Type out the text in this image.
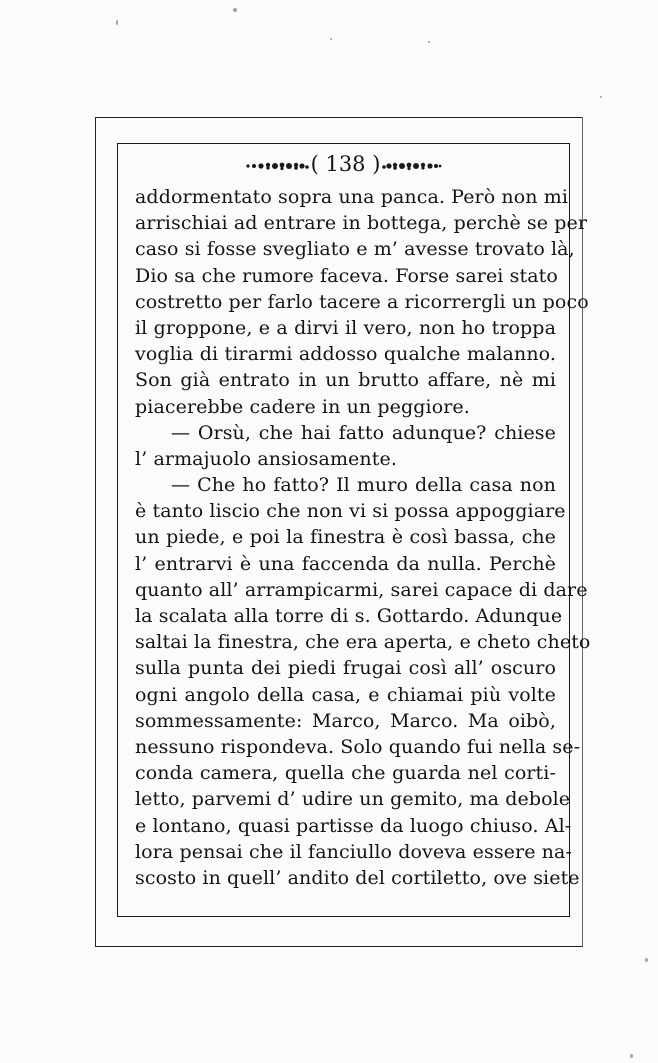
( 138 )
addormentato sopra una panca. Però non mi
arrischiai ad entrare in bottega, perchè se per
caso si fosse svegliato e m’ avesse trovato là,
Dio sa che rumore faceva. Forse sarei stato
costretto per farlo tacere a ricorrergli un poco
il groppone, e a dirvi il vero, non ho troppa
voglia di tirarmi addosso qualche malanno.
Son già entrato in un brutto affare, nè mi
piacerebbe cadere in un peggiore.
— Orsù, che hai fatto adunque? chiese
l’ armajuolo ansiosamente.
— Che ho fatto? Il muro della casa non
è tanto liscio che non vi si possa appoggiare
un piede, e poi la finestra è così bassa, che
l’ entrarvi è una faccenda da nulla. Perchè
quanto all’ arrampicarmi, sarei capace di dare
la scalata alla torre di s. Gottardo. Adunque
saltai la finestra, che era aperta, e cheto cheto
sulla punta dei piedi frugai così all’ oscuro
ogni angolo della casa, e chiamai più volte
sommessamente: Marco, Marco. Ma oibò,
nessuno rispondeva. Solo quando fui nella se-
conda camera, quella che guarda nel corti-
letto, parvemi d’ udire un gemito, ma debole
e lontano, quasi partisse da luogo chiuso. Al-
lora pensai che il fanciullo doveva essere na-
scosto in quell’ andito del cortiletto, ove siete
